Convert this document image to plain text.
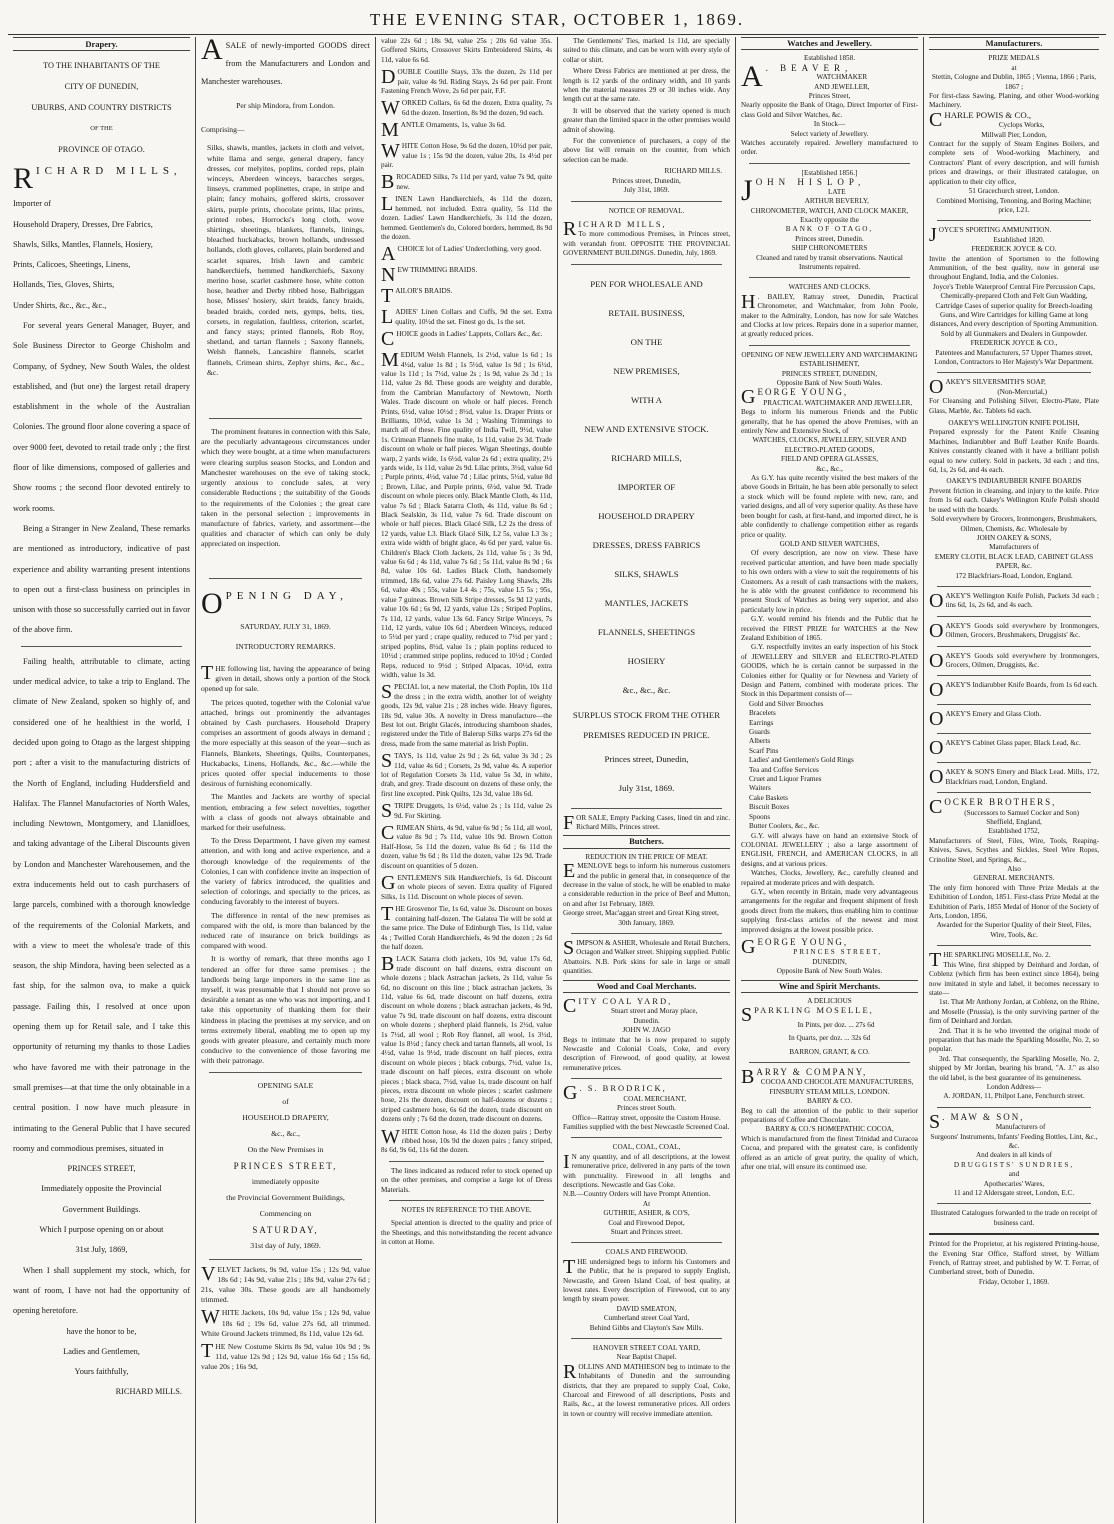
THE EVENING STAR, OCTOBER 1, 1869.
Drapery.
TO THE INHABITANTS OF THE
CITY OF DUNEDIN,
UBURBS, AND COUNTRY DISTRICTS
OF THE
PROVINCE OF OTAGO.
R ICHARD MILLS,
Importer of
Household Drapery, Dresses, Dre Fabrics,
Shawls, Silks, Mantles, Flannels, Hosiery,
Prints, Calicoes, Sheetings, Linens,
Hollands, Ties, Gloves, Shirts,
Under Shirts, &c., &c., &c.,

For several years General Manager, Buyer, and Sole Business Director to George Chisholm and Company, of Sydney, New South Wales, the oldest established, and (but one) the largest retail drapery establishment in the whole of the Australian Colonies. The ground floor alone covering a space of over 9000 feet, devoted to retail trade only ; the first floor of like dimensions, composed of galleries and Show rooms ; the second floor devoted entirely to work rooms.

Being a Stranger in New Zealand, These remarks are mentioned as introductory, indicative of past experience and ability warranting present intentions to open out a first-class business on principles in unison with those so successfully carried out in favor of the above firm.

Failing health, attributable to climate, acting under medical advice, to take a trip to England. The climate of New Zealand, spoken so highly of, and considered one of he healthiest in the world, I decided upon going to Otago as the largest shipping port ; after a visit to the manufacturing districts of the North of England, including Huddersfield and Halifax. The Flannel Manufactories of North Wales, including Newtown, Montgomery, and Llanidloes, and taking advantage of the Liberal Discounts given by London and Manchester Warehousemen, and the extra inducements held out to cash purchasers of large parcels, combined with a thorough knowledge of the requirements of the Colonial Markets, and with a view to meet the wholesa'e trade of this season, the ship Mindora, having been selected as a fast ship, for the salmon ova, to make a quick passage. Failing this, I resolved at once upon opening them up for Retail sale, and I take this opportunity of returning my thanks to those Ladies who have favored me with their patronage in the small premises—at that time the only obtainable in a central position. I now have much pleasure in intimating to the General Public that I have secured roomy and commodious premises, situated in

PRINCES STREET,

Immediately opposite the Provincial

Government Buildings.

Which I purpose opening on or about

31st July, 1869,

When I shall supplement my stock, which, for want of room, I have not had the opportunity of opening heretofore.

have the honor to be,

Ladies and Gentlemen,

Yours faithfully,

RICHARD MILLS.

A SALE of newly-imported GOODS direct from the Manufacturers and London and Manchester warehouses.
Per ship Mindora, from London.
Comprising—
Silks, shawls, mantles, jackets in cloth and velvet, white llama and serge, general drapery, fancy dresses, cor melyites, poplins, corded reps, plain winceys, Aberdeen winceys, baracches serges, linseys, crammed poplinettes, crape, in stripe and plain; fancy mohairs, goffered skirts, crossover skirts, purple prints, chocolate prints, lilac prints, printed robes, Horrocks's long cloth, wove shirtings, sheetings, blankets, flannels, linings, bleached huckabacks, brown hollands, undressed hollands, cloth gloves, collarets, plain bordered and scarlet squares, Irish lawn and cambric handkerchiefs, hemmed handkerchiefs, Saxony merino hose, scarlet cashmere hose, white cotton hose, heather and Derby ribbed hose, Balbriggan hose, Misses' hosiery, skirt braids, fancy braids, beaded braids, corded nets, gymps, belts, ties, corsets, in regulation, faultless, criterion, scarlet, and fancy stays; printed flannels, Rob Roy, shetland, and tartan flannels ; Saxony flannels, Welsh flannels, Lancashire flannels, scarlet flannels, Crimean shirts, Zephyr shirts, &c., &c., &c.

The prominent features in connection with this Sale, are the peculiarly advantageous circumstances under which they were bought, at a time when manufacturers were clearing surplus season Stocks, and London and Manchester warehouses on the eve of taking stock, urgently anxious to conclude sales, at very considerable Reductions ; the suitability of the Goods to the requirements of the Colonies ; the great care taken in the personal selection ; improvements in manufacture of fabrics, variety, and assortment—the qualities and character of which can only be duly appreciated on inspection.

O PENING DAY,
SATURDAY, JULY 31, 1869.
INTRODUCTORY REMARKS.
T HE following list, having the appearance of being given in detail, shows only a portion of the Stock opened up for sale.

The prices quoted, together with the Colonial va'ue attached, brings out prominently the advantages obtained by Cash purchasers. Household Drapery comprises an assortment of goods always in demand ; the more especially at this season of the year—such as Flannels, Blankets, Sheetings, Quilts, Counterpanes, Huckabacks, Linens, Hollands, &c., &c.—while the prices quoted offer special inducements to those desirous of furnishing economically.

The Mantles and Jackets are worthy of special mention, embracing a few select novelties, together with a class of goods not always obtainable and marked for their usefulness.

To the Dress Department, I have given my earnest attention, and with long and active experience, and a thorough knowledge of the requirements of the Colonies, I can with confidence invite an inspection of the variety of fabrics introduced, the qualities and selection of colorings, and specially to the prices, as conducing favorably to the interest of buyers.

The difference in rental of the new premises as compared with the old, is more than balanced by the reduced rate of insurance on brick buildings as compared with wood.

It is worthy of remark, that three months ago I tendered an offer for three same premises ; the landlords being large importers in the same line as myself, it was presumable that I should not prove so desirable a tenant as one who was not importing, and I take this opportunity of thanking them for their kindness in placing the premises at my service, and on terms extremely liberal, enabling me to open up my goods with greater pleasure, and certainly much more conducive to the convenience of those favoring me with their patronage.

OPENING SALE
of
HOUSEHOLD DRAPERY,
&c., &c.,
On the New Premises in
PRINCES STREET,
immediately opposite
the Provincial Government Buildings,
Commencing on
SATURDAY,
31st day of July, 1869.
V ELVET Jackets, 9s 9d, value 15s ; 12s 9d, value 18s 6d ; 14s 9d, value 21s ; 18s 9d, value 27s 6d ; 21s, value 30s. These goods are all handsomely trimmed.
W HITE Jackets, 10s 9d, value 15s ; 12s 9d, value 18s 6d ; 19s 6d, value 27s 6d, all trimmed. White Ground Jackets trimmed, 8s 11d, value 12s 6d.
T HE New Costume Skirts 8s 9d, value 10s 9d ; 9s 11d, value 12s 9d ; 12s 9d, value 16s 6d ; 15s 6d, value 20s ; 16s 9d,
value 22s 6d ; 18s 9d, value 25s ; 20s 6d value 35s. Goffered Skirts, Crossover Skirts Embroidered Skirts, 4s 11d, value 6s 6d.
DOUBLE Coutille Stays, 33s the dozen, 2s 11d per pair, value 4s 9d. Riding Stays, 2s 6d per pair. Front Fastening French Wove, 2s 6d per pair, F.F.
WORKED Collars, 6s 6d the dozen, Extra quality, 7s 6d the dozen. Insertion, 8s 9d the dozen, 9d each.
MANTLE Ornaments, 1s, value 3s 6d.
WHITE Cotton Hose, 9s 6d the dozen, 10½d per pair, value 1s ; 15s 9d the dozen, value 20s, 1s 4½d per pair.
BROCADED Silks, 7s 11d per yard, value 7s 9d, quite new.
LINEN Lawn Handkerchiefs, 4s 11d the dozen, hemmed, not included. Extra quality, 5s 11d the dozen. Ladies' Lawn Handkerchiefs, 3s 11d the dozen, hemmed. Gentlemen's do, Colored borders, hemmed, 8s 9d the dozen.
ACHOICE lot of Ladies' Underclothing, very good.
NEW TRIMMING BRAIDS.
TAILOR'S BRAIDS.
LADIES' Linen Collars and Cuffs, 9d the set. Extra quality, 10½d the set. Finest go ds, 1s the set.
CHOICE goods in Ladies' Lappets, Collars &c., &c.
MEDIUM Welsh Flannels, 1s 2½d, value 1s 6d ; 1s 4½d, value 1s 8d ; 1s 5½d, value 1s 9d ; 1s 6½d, value 1s 11d ; 1s 7½d, value 2s ; 1s 9d, value 2s 3d ; 1s 11d, value 2s 8d. These goods are weighty and durable, from the Cambrian Manufactory of Newtown, North Wales. Trade discount on whole or half pieces. French Prints, 6½d, value 10½d ; 8½d, value 1s. Draper Prints or Brilliants, 10½d, value 1s 3d ; Washing Trimmings to match all of these. Fine quality of India Twill, 9½d, value 1s. Crimean Flannels fine make, 1s 11d, value 2s 3d. Trade discount on whole or half pieces. Wigan Sheetings, double warp, 2 yards wide, 1s 6½d, value 2s 6d ; extra quality, 2½ yards wide, 1s 11d, value 2s 9d. Lilac prints, 3½d, value 6d ; Purple prints, 4½d, value 7d ; Lilac prints, 5½d, value 8d ; Brown, Lilac, and Purple prints, 6½d, value 9d. Trade discount on whole pieces only. Black Mantle Cloth, 4s 11d, value 7s 6d ; Black Satarra Cloth, 4s 11d, value 8s 6d ; Black Sealskin, 3s 11d, value 7s 6d. Trade discount on whole or half pieces. Black Glacé Silk, L2 2s the dress of 12 yards, value L3. Black Glacé Silk, L2 5s, value L3 3s ; extra wide width of bright glace, 4s 6d per yard, value 6s. Children's Black Cloth Jackets, 2s 11d, value 5s ; 3s 9d, value 6s 6d ; 4s 11d, value 7s 6d ; 5s 11d, value 8s 9d ; 6s 8d, value 10s 6d. Ladies Black Cloth, handsomely trimmed, 18s 6d, value 27s 6d. Paisley Long Shawls, 28s 6d, value 40s ; 55s, value L4 4s ; 75s, value L5 5s ; 95s, value 7 guineas. Brown Silk Stripe dresses, 5s 9d 12 yards, value 10s 6d ; 6s 9d, 12 yards, value 12s ; Striped Poplins, 7s 11d, 12 yards, value 13s 6d. Fancy Stripe Winceys, 7s 11d, 12 yards, value 10s 6d ; Aberdeen Winceys, reduced to 5½d per yard ; crape quality, reduced to 7½d per yard ; striped poplins, 8½d, value 1s ; plain poplins reduced to 10½d ; crammed stripe poplins, reduced to 10½d ; Corded Reps, reduced to 9½d ; Striped Alpacas, 10½d, extra width, value 1s 3d.
SPECIAL lot, a new material, the Cloth Poplin, 10s 11d the dress ; in the extra width, another lot of weighty goods, 12s 9d, value 21s ; 28 inches wide. Heavy figures, 18s 9d, value 30s. A novelty in Dress manufacture—the Best lot out. Bright Glacés, introducing shamboon shades, registered under the Title of Balerup Silks warps 27s 6d the dress, made from the same material as Irish Poplin.
STAYS, 1s 11d, value 2s 9d ; 2s 6d, value 3s 3d ; 2s 11d, value 4s 6d ; Corsets, 2s 9d, value 4s. A superior lot of Regulation Corsets 3s 11d, value 5s 3d, in white, drab, and grey. Trade discount on dozens of these only, the first line excepted. Pink Quilts, 12s 3d, value 18s 6d.
STRIPE Druggets, 1s 6½d, value 2s ; 1s 11d, value 2s 9d. For Skirting.
CRIMEAN Shirts, 4s 9d, value 6s 9d ; 5s 11d, all wool, value 8s 9d ; 7s 11d, value 10s 9d. Brown Cotton Half-Hose, 5s 11d the dozen, value 8s 6d ; 6s 11d the dozen, value 9s 6d ; 8s 11d the dozen, value 12s 9d. Trade discount on quantities of 5 dozen.
GENTLEMEN'S Silk Handkerchiefs, 1s 6d. Discount on whole pieces of seven. Extra quality of Figured Silks, 1s 11d. Discount on whole pieces of seven.
THE Grosvenor Tie, 1s 6d, value 3s. Discount on boxes containing half-dozen. The Galatea Tie will be sold at the same price. The Duke of Edinburgh Ties, 1s 11d, value 4s ; Twilled Corah Handkerchiefs, 4s 9d the dozen ; 2s 6d the half dozen.
BLACK Satarra cloth jackets, 10s 9d, value 17s 6d, trade discount on half dozens, extra discount on whole dozens ; black Astrachan jackets, 2s 11d, value 5s 6d, no discount on this line ; black astrachan jackets, 3s 11d, value 6s 6d, trade discount on half dozens, extra discount on whole dozens ; black astrachan jackets, 4s 9d, value 7s 9d, trade discount on half dozens, extra discount on whole dozens ; shepherd plaid flannels, 1s 2½d, value 1s 7½d, all wool ; Rob Roy flannel, all wool, 1s 3½d, value 1s 8½d ; fancy check and tartan flannels, all wool, 1s 4½d, value 1s 9½d, trade discount on half pieces, extra discount on whole pieces ; black coburgs, 7½d, value 1s, trade discount on half pieces, extra discount on whole pieces ; black sbaca, 7½d, value 1s, trade discount on half pieces, extra discount on whole pieces ; scarlet cashmere hose, 21s the dozen, discount on half-dozens or dozens ; striped cashmere hose, 6s 6d the dozen, trade discount on dozens only ; 7s 6d the dozen, trade discount on dozens.
WHITE Cotton hose, 4s 11d the dozen pairs ; Derby ribbed hose, 10s 9d the dozen pairs ; fancy striped, 8s 6d, 9s 6d, 11s 6d the dozen.

The lines indicated as reduced refer to stock opened up on the other premises, and comprise a large lot of Dress Materials.

NOTES IN REFERENCE TO THE ABOVE.

Special attention is directed to the quality and price of the Sheetings, and this notwithstanding the recent advance in cotton at Home.

The Gentlemens' Ties, marked 1s 11d, are specially suited to this climate, and can be worn with every style of collar or shirt.

Where Dress Fabrics are mentioned at per dress, the length is 12 yards of the ordinary width, and 10 yards when the material measures 29 or 30 inches wide. Any length cut at the same rate.

It will be observed that the variety opened is much greater than the limited space in the other premises would admit of showing.

For the convenience of purchasers, a copy of the above list will remain on the counter, from which selection can be made.

RICHARD MILLS.
Princes street, Dunedin,
July 31st, 1869.
NOTICE OF REMOVAL.
R ICHARD MILLS,
To more commodious Premises, in Princes street, with verandah front. OPPOSITE THE PROVINCIAL GOVERNMENT BUILDINGS. Dunedin, July, 1869.
PEN FOR WHOLESALE AND
RETAIL BUSINESS,
ON THE
NEW PREMISES,
WITH A
NEW AND EXTENSIVE STOCK.
RICHARD MILLS,
IMPORTER OF
HOUSEHOLD DRAPERY
DRESSES, DRESS FABRICS
SILKS, SHAWLS
MANTLES, JACKETS
FLANNELS, SHEETINGS
HOSIERY
&c., &c., &c.
SURPLUS STOCK FROM THE OTHER PREMISES REDUCED IN PRICE.
Princes street, Dunedin,
July 31st, 1869.
F OR SALE, Empty Packing Cases, lined tin and zinc. Richard Mills, Princes street.
Butchers.
REDUCTION IN THE PRICE OF MEAT.
E MENLOVE begs to inform his numerous customers and the public in general that, in consequence of the decrease in the value of stock, he will be enabled to make a considerable reduction in the price of Beef and Mutton, on and after 1st February, 1869.
George street, Mac'aggan street and Great King street,
30th January, 1869.
S IMPSON & ASHER, Wholesale and Retail Butchers, Octagon and Walker street. Shipping supplied. Public Abattoirs. N.B. Pork skins for sale in large or small quantities.
Wood and Coal Merchants.
C ITY COAL YARD,
Stuart street and Moray place,
Dunedin.
JOHN W. JAGO
Begs to intimate that he is now prepared to supply Newcastle and Colonial Coals, Coke, and every description of Firewood, of good quality, at lowest remunerative prices.
G . S. BRODRICK,
COAL MERCHANT,
Princes street South.
Office—Rattray street, opposite the Custom House.
Families supplied with the best Newcastle Screened Coal.
COAL, COAL, COAL,
I N any quantity, and of all descriptions, at the lowest remunerative price, delivered in any parts of the town with punctuality. Firewood in all lengths and descriptions. Newcastle and Gas Coke.
N.B.—Country Orders will have Prompt Attention.
At
GUTHRIE, ASHER, & CO'S,
Coal and Firewood Depot,
Stuart and Princes street.
COALS AND FIREWOOD.
T HE undersigned begs to inform his Customers and the Public, that he is prepared to supply English, Newcastle, and Green Island Coal, of best quality, at lowest rates. Every description of Firewood, cut to any length by steam power.
DAVID SMEATON,
Cumberland street Coal Yard,
Behind Gibbs and Clayton's Saw Mills.
HANOVER STREET COAL YARD,
Near Baptist Chapel.
R OLLINS AND MATHIESON beg to intimate to the Inhabitants of Dunedin and the surrounding districts, that they are prepared to supply Coal, Coke, Charcoal and Firewood of all descriptions, Posts and Rails, &c., at the lowest remunerative prices. All orders in town or country will receive immediate attention.
Watches and Jewellery.
Established 1858.
A . BEAVER,
WATCHMAKER
AND JEWELLER,
Princes Street,
Nearly opposite the Bank of Otago, Direct Importer of First-class Gold and Silver Watches, &c.
In Stock—
Select variety of Jewellery.
Watches accurately repaired. Jewellery manufactured to order.
[Established 1856.]
J OHN HISLOP,
LATE
ARTHUR BEVERLY,
CHRONOMETER, WATCH, AND CLOCK MAKER,
Exactly opposite the
BANK OF OTAGO,
Princes street, Dunedin.
SHIP CHRONOMETERS
Cleaned and rated by transit observations. Nautical Instruments repaired.
WATCHES AND CLOCKS.
H . BAILEY, Rattray street, Dunedin, Practical Chronometer, and Watchmaker, from John Poole, maker to the Admiralty, London, has now for sale Watches and Clocks at low prices. Repairs done in a superior manner, at greatly reduced prices.
OPENING OF NEW JEWELLERY AND WATCHMAKING ESTABLISHMENT,
PRINCES STREET, DUNEDIN,
Opposite Bank of New South Wales.
G EORGE YOUNG,
PRACTICAL WATCHMAKER AND JEWELLER,
Begs to inform his numerous Friends and the Public generally, that he has opened the above Premises, with an entirely New and Extensive Stock, of
WATCHES, CLOCKS, JEWELLERY, SILVER AND ELECTRO-PLATED GOODS,
FIELD AND OPERA GLASSES,
&c., &c.,
As G.Y. has quite recently visited the best makers of the above Goods in Britain, he has been able personally to select a stock which will be found replete with new, rare, and varied designs, and all of very superior quality. As these have been bought for cash, at first-hand, and imported direct, he is able confidently to challenge competition either as regards price or quality.
GOLD AND SILVER WATCHES,
Of every description, are now on view. These have received particular attention, and have been made specially to his own orders with a view to suit the requirements of his Customers. As a result of cash transactions with the makers, he is able with the greatest confidence to recommend his present Stock of Watches as being very superior, and also particularly low in price.
G.Y. would remind his friends and the Public that he received the FIRST PRIZE for WATCHES at the New Zealand Exhibition of 1865.
G.Y. respectfully invites an early inspection of his Stock of JEWELLERY and SILVER and ELECTRO-PLATED GOODS, which he is certain cannot be surpassed in the Colonies either for Quality or for Newness and Variety of Design and Pattern, combined with moderate prices. The Stock in this Department consists of—
Gold and Silver Brooches
Bracelets
Earrings
Guards
Alberts
Scarf Pins
Ladies' and Gentlemen's Gold Rings
Tea and Coffee Services
Cruet and Liquor Frames
Waiters
Cake Baskets
Biscuit Boxes
Spoons
Butter Coolers, &c., &c.
G.Y. will always have on hand an extensive Stock of COLONIAL JEWELLERY ; also a large assortment of ENGLISH, FRENCH, and AMERICAN CLOCKS, in all designs, and at various prices.
Watches, Clocks, Jewellery, &c., carefully cleaned and repaired at moderate prices and with despatch.
G.Y., when recently in Britain, made very advantageous arrangements for the regular and frequent shipment of fresh goods direct from the makers, thus enabling him to continue supplying first-class articles of the newest and most improved designs at the lowest possible price.
G EORGE YOUNG,
PRINCES STREET,
DUNEDIN,
Opposite Bank of New South Wales.
Wine and Spirit Merchants.
A DELICIOUS
S PARKLING MOSELLE,
In Pints, per doz. ... 27s 6d
In Quarts, per doz. ... 32s 6d
BARRON, GRANT, & CO.
B ARRY & COMPANY,
COCOA AND CHOCOLATE MANUFACTURERS,
FINSBURY STEAM MILLS, LONDON.
BARRY & CO.
Beg to call the attention of the public to their superior preparations of Coffee and Chocolate.
BARRY & CO.'S HOMŒPATHIC COCOA,
Which is manufactured from the finest Trinidad and Curacoa Cocoa, and prepared with the greatest care, is confidently offered as an article of great purity, the quality of which, after one trial, will ensure its continued use.
Manufacturers.
PRIZE MEDALS
at
Stettin, Cologne and Dublin, 1865 ; Vienna, 1866 ; Paris, 1867 ;
For first-class Sawing, Planing, and other Wood-working Machinery.
C HARLE POWIS & CO.,
Cyclops Works,
Millwall Pier, London,
Contract for the supply of Steam Engines Boilers, and complete sets of Wood-working Machinery, and Contractors' Plant of every description, and will furnish prices and drawings, or their illustrated catalogue, on application to their city office,
51 Gracechurch street, London.
Combined Mortising, Tenoning, and Boring Machine; price, L21.
J OYCE'S SPORTING AMMUNITION.
Established 1820.
FREDERICK JOYCE & CO.
Invite the attention of Sportsmen to the following Ammunition, of the best quality, now in general use throughout England, India, and the Colonies.
Joyce's Treble Waterproof Central Fire Percussion Caps, Chemically-prepared Cloth and Felt Gun Wadding, Cartridge Cases of superior quality for Breech-loading Guns, and Wire Cartridges for killing Game at long distances, And every description of Sporting Ammunition. Sold by all Gunmakers and Dealers in Gunpowder.
FREDERICK JOYCE & CO.,
Patentees and Manufacturers, 57 Upper Thames street, London, Contractors to Her Majesty's War Department.
O AKEY'S SILVERSMITH'S SOAP,
(Non-Mercurial,)
For Cleansing and Polishing Silver, Electro-Plate, Plate Glass, Marble, &c. Tablets 6d each.
OAKEY'S WELLINGTON KNIFE POLISH,
Prepared expressly for the Patent Knife Cleaning Machines, Indiarubber and Buff Leather Knife Boards. Knives constantly cleaned with it have a brilliant polish equal to new cutlery. Sold in packets, 3d each ; and tins, 6d, 1s, 2s 6d, and 4s each.
OAKEY'S INDIARUBBER KNIFE BOARDS
Prevent friction in cleansing, and injury to the knife. Price from 1s 6d each. Oakey's Wellington Knife Polish should be used with the boards.
Sold everywhere by Grocers, Ironmongers, Brushmakers, Oilmen, Chemists, &c. Wholesale by
JOHN OAKEY & SONS,
Manufacturers of
EMERY CLOTH, BLACK LEAD, CABINET GLASS PAPER, &c.
172 Blackfriars-Road, London, England.
OAKEY'S Wellington Knife Polish, Packets 3d each ; tins 6d, 1s, 2s 6d, and 4s each.
OAKEY'S Goods sold everywhere by Ironmongers, Oilmen, Grocers, Brushmakers, Druggists' &c.
OAKEY'S Goods sold everywhere by Ironmongers, Grocers, Oilmen, Druggists, &c.
OAKEY'S Indiarubber Knife Boards, from 1s 6d each.
OAKEY'S Emery and Glass Cloth.
OAKEY'S Cabinet Glass paper, Black Lead, &c.
OAKEY & SON'S Emery and Black Lead. Mills, 172, Blackfriars road, London, England.
C OCKER BROTHERS,
(Successors to Samuel Cocker and Son)
Sheffield, England,
Established 1752,
Manufacturers of Steel, Files, Wire, Tools, Reaping-Knives, Saws, Scythes and Sickles, Steel Wire Ropes, Crinoline Steel, and Springs, &c.,
Also
GENERAL MERCHANTS.
The only firm honored with Three Prize Medals at the Exhibition of London, 1851. First-class Prize Medal at the Exhibition of Paris, 1855 Medal of Honor of the Society of Arts, London, 1856,
Awarded for the Superior Quality of their Steel, Files, Wire, Tools, &c.
T HE SPARKLING MOSELLE, No. 2.
This Wine, first shipped by Deinhard and Jordan, of Coblenz (which firm has been extinct since 1864), being now imitated in style and label, it becomes necessary to state—
1st. That Mr Anthony Jordan, at Coblenz, on the Rhine, and Moselle (Prussia), is the only surviving partner of the firm of Deinhard and Jordan.
2nd. That it is he who invented the original mode of preparation that has made the Sparkling Moselle, No. 2, so popular.
3rd. That consequently, the Sparkling Moselle, No. 2, shipped by Mr Jordan, bearing his brand, "A. J." as also the old label, is the best guarantee of its genuineness.
London Address—
A. JORDAN, 11, Philpot Lane, Fenchurch street.
S . MAW & SON,
Manufacturers of
Surgeons' Instruments, Infants' Feeding Bottles, Lint, &c., &c.
And dealers in all kinds of
DRUGGISTS' SUNDRIES,
and
Apothecaries' Wares,
11 and 12 Aldersgate street, London, E.C.
Illustrated Catalogues forwarded to the trade on receipt of business card.
Printed for the Proprietor, at his registered Printing-house, the Evening Star Office, Stafford street, by William French, of Rattray street, and published by W. T. Ferrar, of Cumberland street, both of Dunedin.
Friday, October 1, 1869.
